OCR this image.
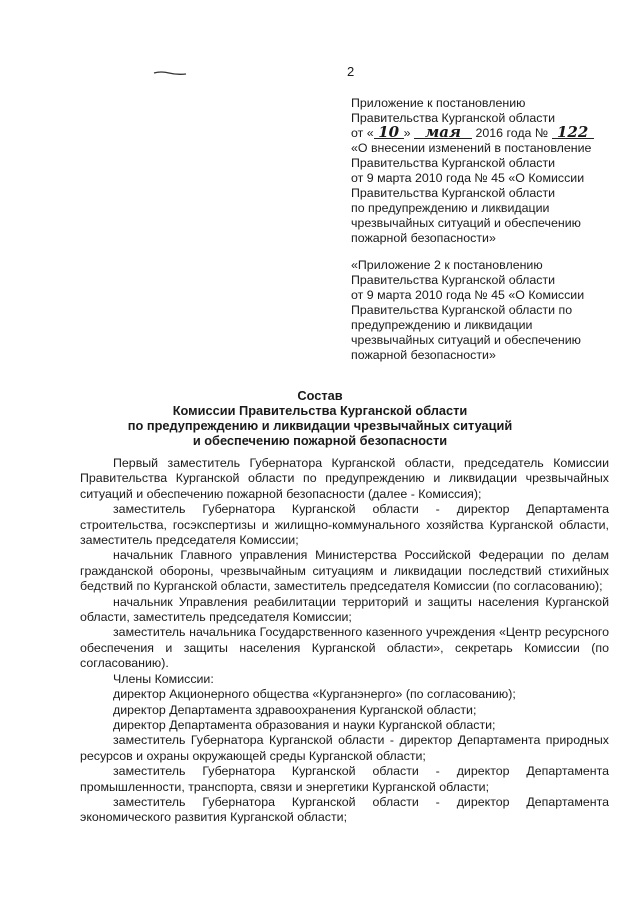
2
Приложение к постановлению
Правительства Курганской области
от « 10 » мая 2016 года № 122
«О внесении изменений в постановление
Правительства Курганской области
от 9 марта 2010 года № 45 «О Комиссии
Правительства Курганской области
по предупреждению и ликвидации
чрезвычайных ситуаций и обеспечению
пожарной безопасности»
«Приложение 2 к постановлению
Правительства Курганской области
от 9 марта 2010 года № 45 «О Комиссии
Правительства Курганской области по
предупреждению и ликвидации
чрезвычайных ситуаций и обеспечению
пожарной безопасности»
Состав
Комиссии Правительства Курганской области
по предупреждению и ликвидации чрезвычайных ситуаций
и обеспечению пожарной безопасности

Первый заместитель Губернатора Курганской области, председатель Комиссии Правительства Курганской области по предупреждению и ликвидации чрезвычайных ситуаций и обеспечению пожарной безопасности (далее - Комиссия);

заместитель Губернатора Курганской области - директор Департамента строительства, госэкспертизы и жилищно-коммунального хозяйства Курганской области, заместитель председателя Комиссии;

начальник Главного управления Министерства Российской Федерации по делам гражданской обороны, чрезвычайным ситуациям и ликвидации последствий стихийных бедствий по Курганской области, заместитель председателя Комиссии (по согласованию);

начальник Управления реабилитации территорий и защиты населения Курганской области, заместитель председателя Комиссии;

заместитель начальника Государственного казенного учреждения «Центр ресурсного обеспечения и защиты населения Курганской области», секретарь Комиссии (по согласованию).

Члены Комиссии:

директор Акционерного общества «Курганэнерго» (по согласованию);

директор Департамента здравоохранения Курганской области;

директор Департамента образования и науки Курганской области;

заместитель Губернатора Курганской области - директор Департамента природных ресурсов и охраны окружающей среды Курганской области;

заместитель Губернатора Курганской области - директор Департамента промышленности, транспорта, связи и энергетики Курганской области;

заместитель Губернатора Курганской области - директор Департамента экономического развития Курганской области;
